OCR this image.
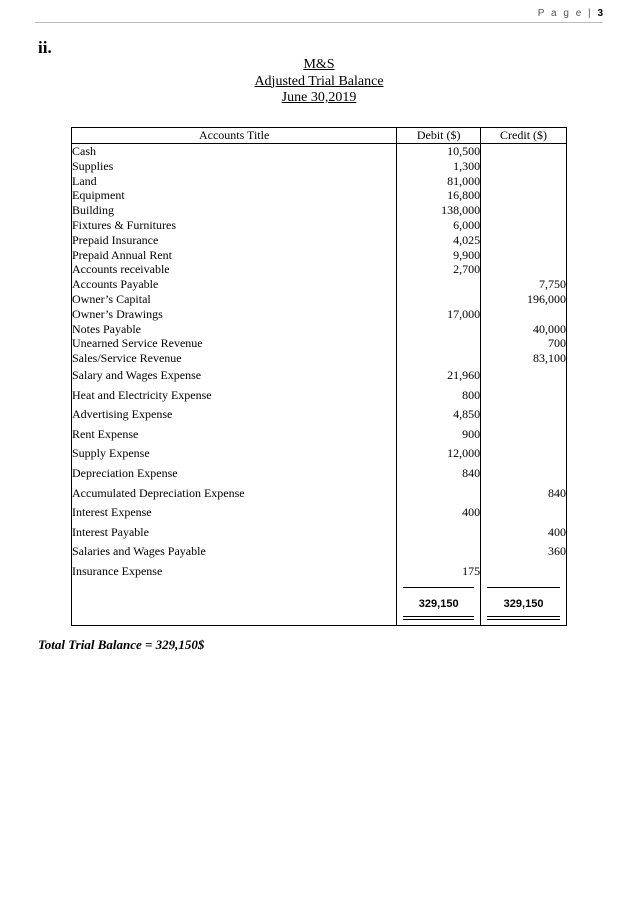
P a g e | 3
ii.
M&S
Adjusted Trial Balance
June 30,2019
Accounts Title	Debit ($)	Credit ($)
Cash	10,500	
Supplies	1,300	
Land	81,000	
Equipment	16,800	
Building	138,000	
Fixtures & Furnitures	6,000	
Prepaid Insurance	4,025	
Prepaid Annual Rent	9,900	
Accounts receivable	2,700	
Accounts Payable		7,750
Owner’s Capital		196,000
Owner’s Drawings	17,000	
Notes Payable		40,000
Unearned Service Revenue		700
Sales/Service Revenue		83,100
Salary and Wages Expense	21,960	
Heat and Electricity Expense	800	
Advertising Expense	4,850	
Rent Expense	900	
Supply Expense	12,000	
Depreciation Expense	840	
Accumulated Depreciation Expense		840
Interest Expense	400	
Interest Payable		400
Salaries and Wages Payable		360
Insurance Expense	175	

	329,150	329,150
Total Trial Balance = 329,150$
